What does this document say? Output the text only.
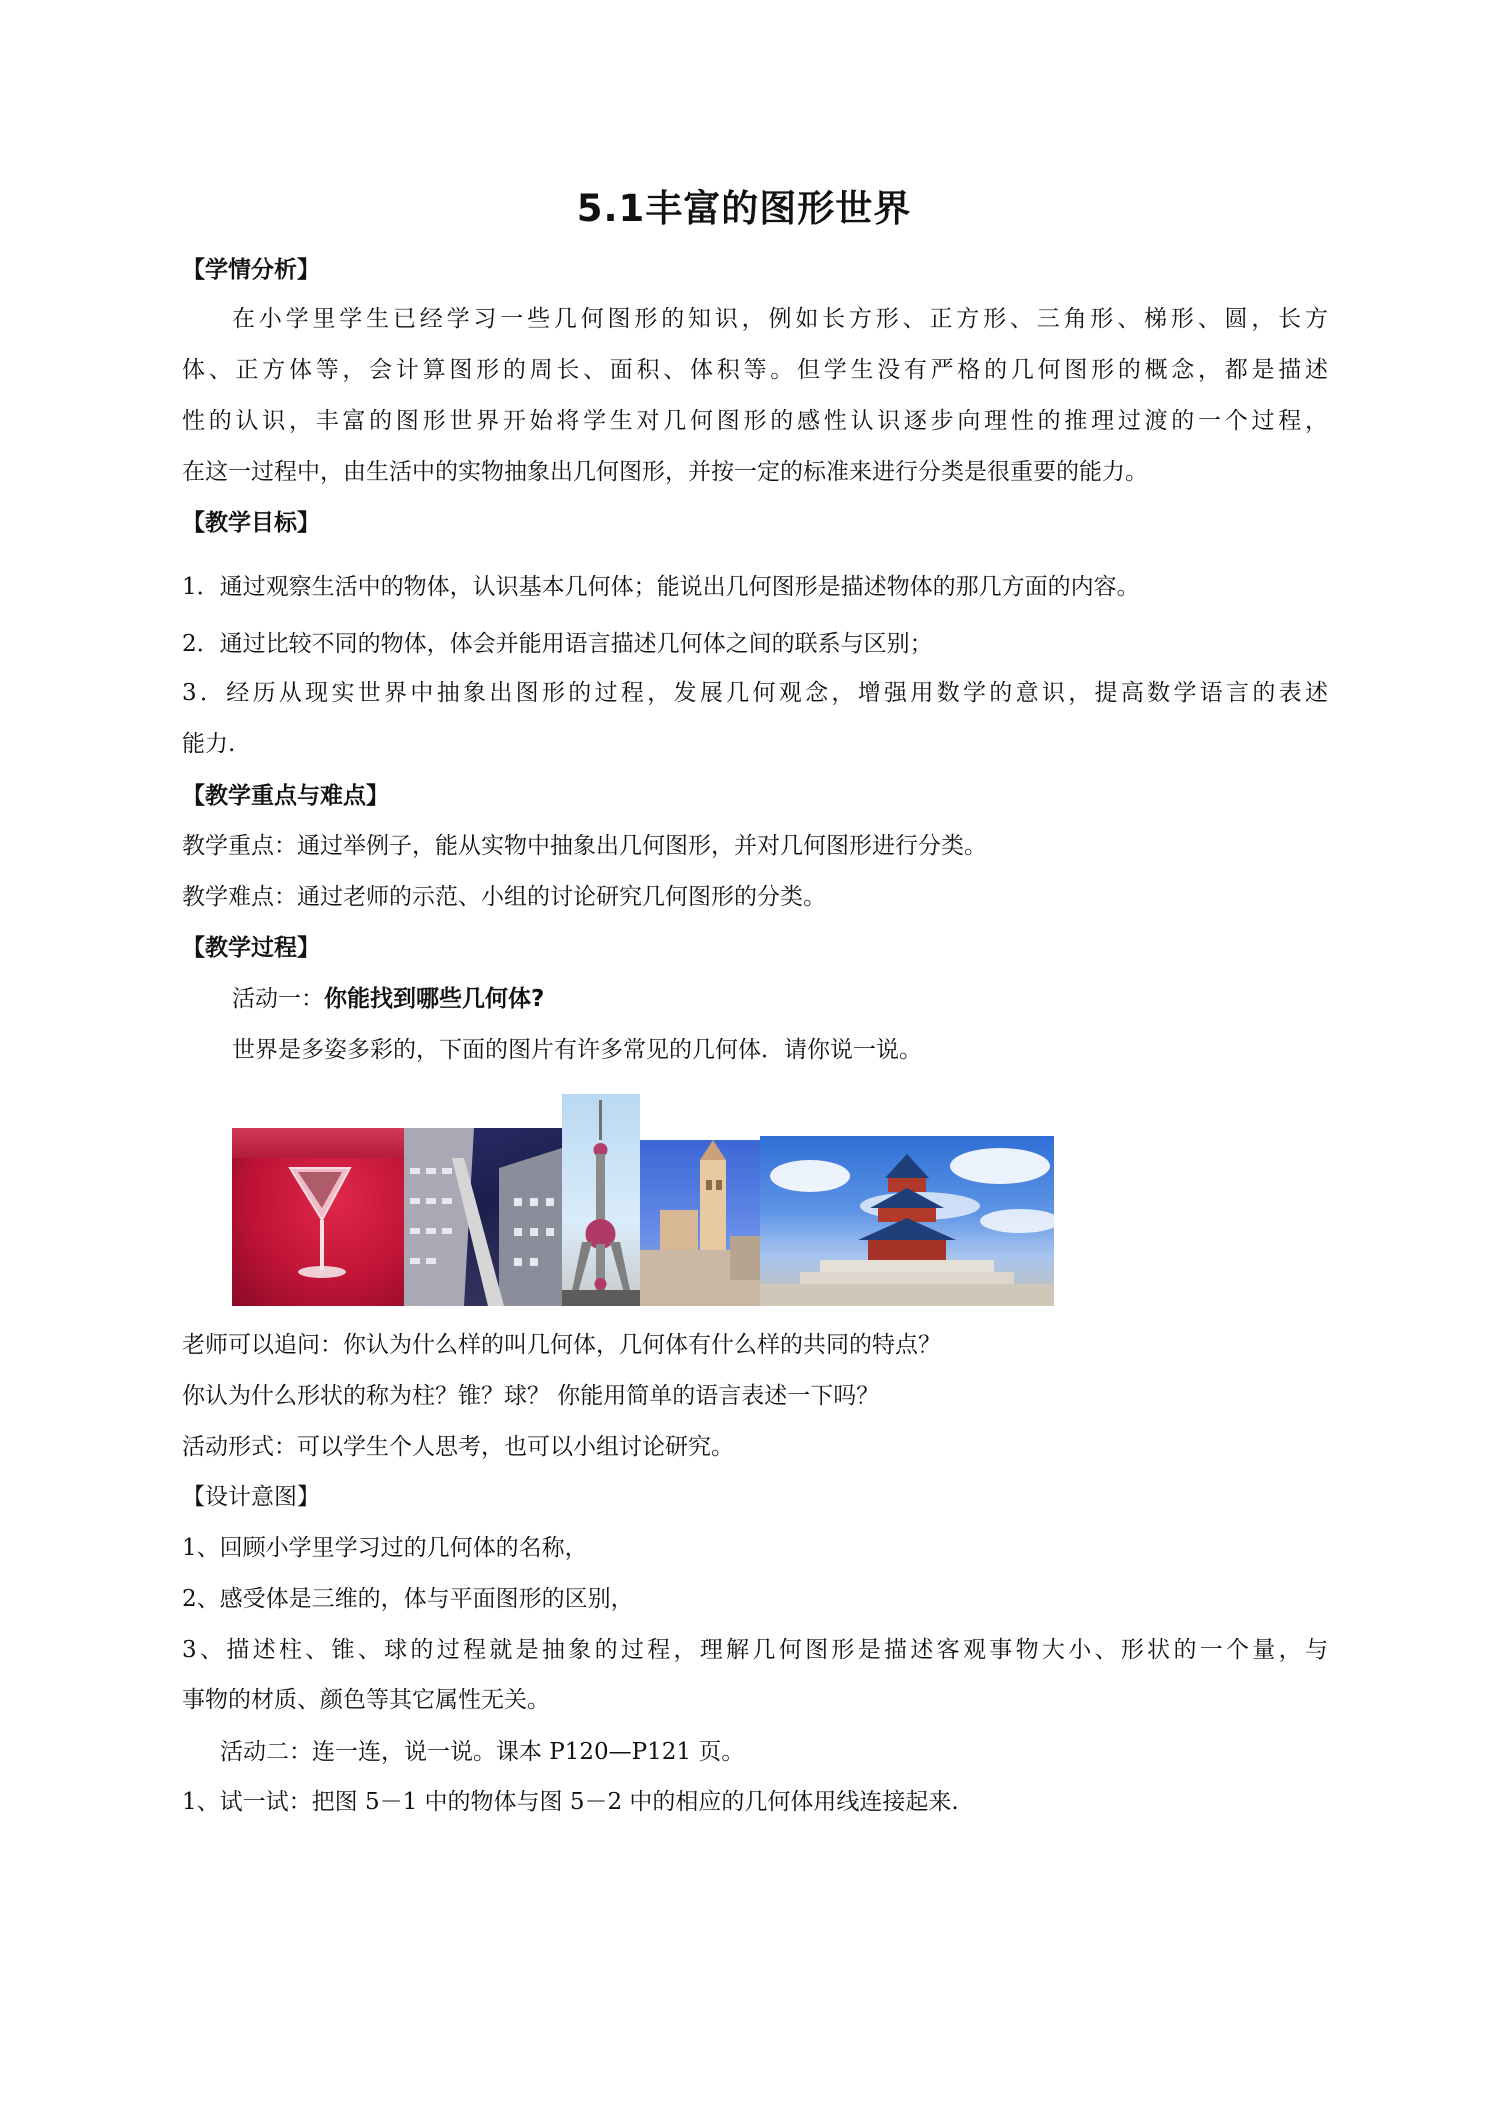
5.1丰富的图形世界
【学情分析】
在小学里学生已经学习一些几何图形的知识，例如长方形、正方形、三角形、梯形、圆，长方
体、正方体等，会计算图形的周长、面积、体积等。但学生没有严格的几何图形的概念，都是描述
性的认识，丰富的图形世界开始将学生对几何图形的感性认识逐步向理性的推理过渡的一个过程，
在这一过程中，由生活中的实物抽象出几何图形，并按一定的标准来进行分类是很重要的能力。
【教学目标】
1．通过观察生活中的物体，认识基本几何体；能说出几何图形是描述物体的那几方面的内容。
2．通过比较不同的物体，体会并能用语言描述几何体之间的联系与区别；
3．经历从现实世界中抽象出图形的过程，发展几何观念，增强用数学的意识，提高数学语言的表述
能力.
【教学重点与难点】
教学重点：通过举例子，能从实物中抽象出几何图形，并对几何图形进行分类。
教学难点：通过老师的示范、小组的讨论研究几何图形的分类。
【教学过程】
活动一：你能找到哪些几何体?
世界是多姿多彩的，下面的图片有许多常见的几何体．请你说一说。
老师可以追问：你认为什么样的叫几何体，几何体有什么样的共同的特点？
你认为什么形状的称为柱？锥？球？ 你能用简单的语言表述一下吗？
活动形式：可以学生个人思考，也可以小组讨论研究。
【设计意图】
1、回顾小学里学习过的几何体的名称，
2、感受体是三维的，体与平面图形的区别，
3、描述柱、锥、球的过程就是抽象的过程，理解几何图形是描述客观事物大小、形状的一个量，与
事物的材质、颜色等其它属性无关。
活动二：连一连，说一说。课本 P120—P121 页。
1、试一试：把图 5－1 中的物体与图 5－2 中的相应的几何体用线连接起来.
